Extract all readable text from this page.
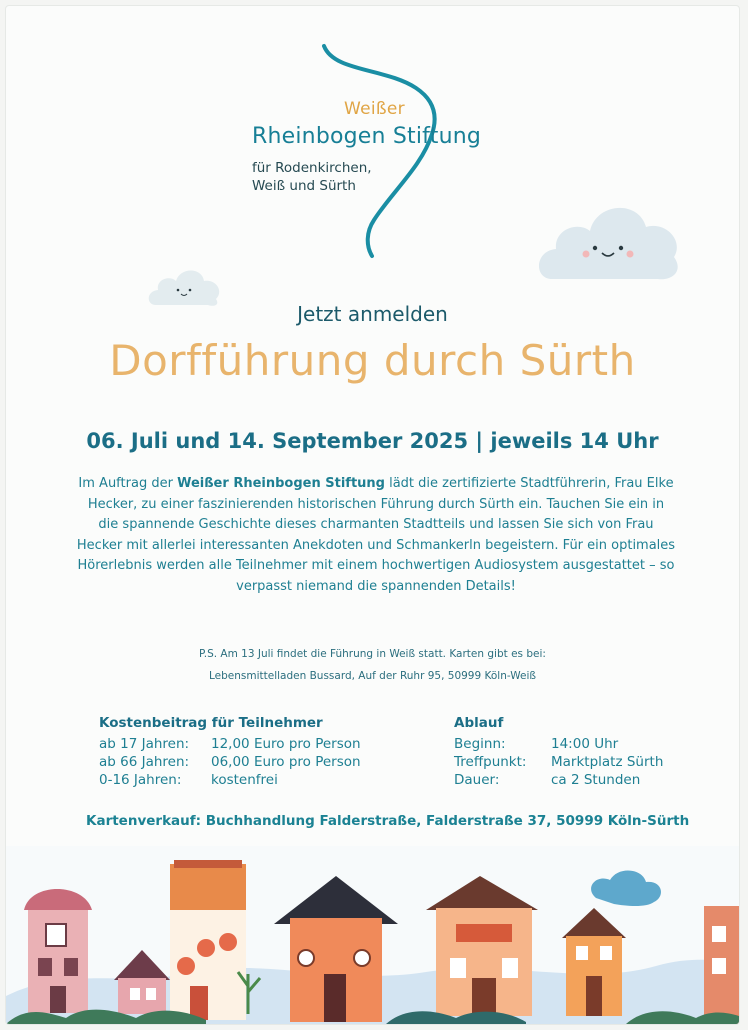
Weißer
Rheinbogen Stiftung
für Rodenkirchen,
Weiß und Sürth
Jetzt anmelden
Dorfführung durch Sürth
06. Juli und 14. September 2025 | jeweils 14 Uhr
Im Auftrag der Weißer Rheinbogen Stiftung lädt die zertifizierte Stadtführerin, Frau Elke Hecker, zu einer faszinierenden historischen Führung durch Sürth ein. Tauchen Sie ein in die spannende Geschichte dieses charmanten Stadtteils und lassen Sie sich von Frau Hecker mit allerlei interessanten Anekdoten und Schmankerln begeistern. Für ein optimales Hörerlebnis werden alle Teilnehmer mit einem hochwertigen Audiosystem ausgestattet – so verpasst niemand die spannenden Details!
P.S. Am 13 Juli findet die Führung in Weiß statt. Karten gibt es bei:
Lebensmittelladen Bussard, Auf der Ruhr 95, 50999 Köln-Weiß
Kostenbeitrag für Teilnehmer
ab 17 Jahren: 12,00 Euro pro Person
ab 66 Jahren: 06,00 Euro pro Person
0-16 Jahren: kostenfrei
Ablauf
Beginn:	14:00 Uhr
Treffpunkt: Marktplatz Sürth
Dauer:	ca 2 Stunden
Kartenverkauf: Buchhandlung Falderstraße, Falderstraße 37, 50999 Köln-Sürth
